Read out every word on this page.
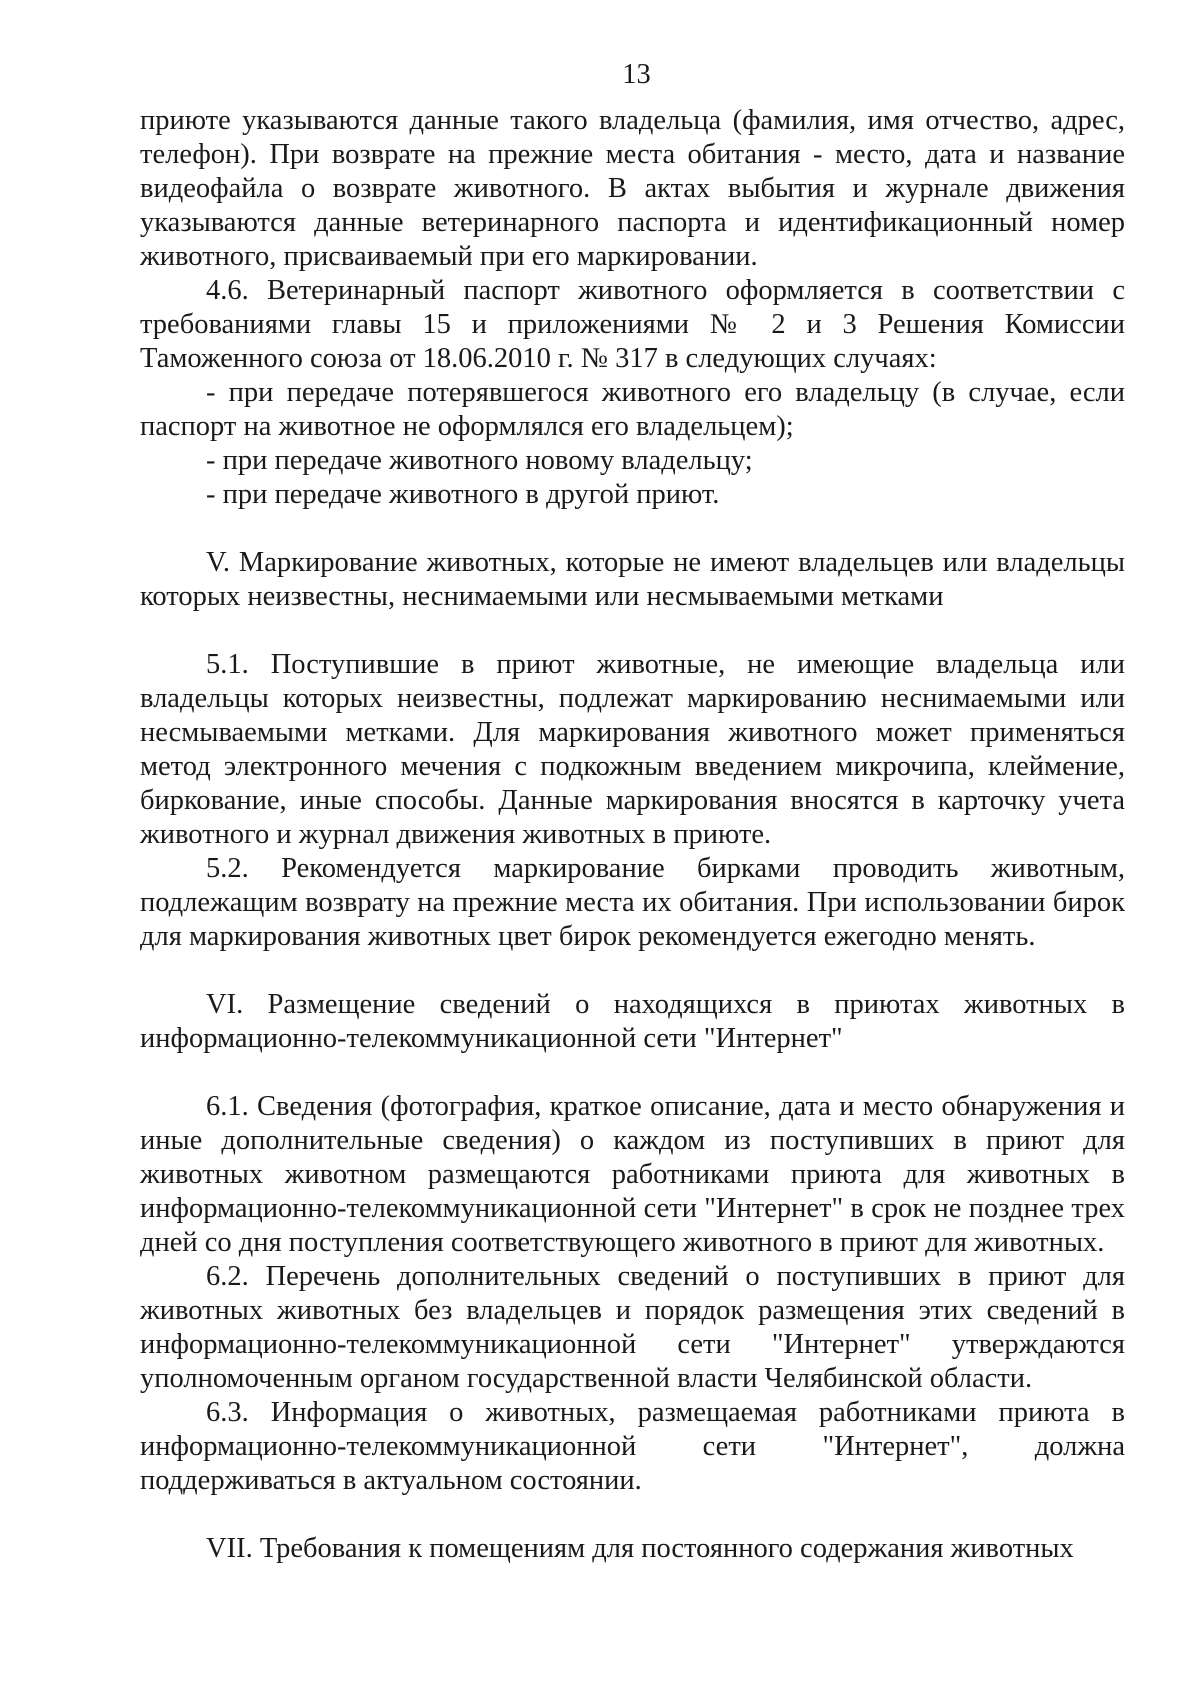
13

приюте указываются данные такого владельца (фамилия, имя отчество, адрес, телефон). При возврате на прежние места обитания - место, дата и название видеофайла о возврате животного. В актах выбытия и журнале движения указываются данные ветеринарного паспорта и идентификационный номер животного, присваиваемый при его маркировании.

4.6. Ветеринарный паспорт животного оформляется в соответствии с требованиями главы 15 и приложениями № 2 и 3 Решения Комиссии Таможенного союза от 18.06.2010 г. № 317 в следующих случаях:

- при передаче потерявшегося животного его владельцу (в случае, если паспорт на животное не оформлялся его владельцем);

- при передаче животного новому владельцу;

- при передаче животного в другой приют.

V. Маркирование животных, которые не имеют владельцев или владельцы которых неизвестны, неснимаемыми или несмываемыми метками

5.1. Поступившие в приют животные, не имеющие владельца или владельцы которых неизвестны, подлежат маркированию неснимаемыми или несмываемыми метками. Для маркирования животного может применяться метод электронного мечения с подкожным введением микрочипа, клеймение, биркование, иные способы. Данные маркирования вносятся в карточку учета животного и журнал движения животных в приюте.

5.2. Рекомендуется маркирование бирками проводить животным, подлежащим возврату на прежние места их обитания. При использовании бирок для маркирования животных цвет бирок рекомендуется ежегодно менять.

VI. Размещение сведений о находящихся в приютах животных в информационно-телекоммуникационной сети "Интернет"

6.1. Сведения (фотография, краткое описание, дата и место обнаружения и иные дополнительные сведения) о каждом из поступивших в приют для животных животном размещаются работниками приюта для животных в информационно-телекоммуникационной сети "Интернет" в срок не позднее трех дней со дня поступления соответствующего животного в приют для животных.

6.2. Перечень дополнительных сведений о поступивших в приют для животных животных без владельцев и порядок размещения этих сведений в информационно-телекоммуникационной сети "Интернет" утверждаются уполномоченным органом государственной власти Челябинской области.

6.3. Информация о животных, размещаемая работниками приюта в информационно-телекоммуникационной сети "Интернет", должна поддерживаться в актуальном состоянии.

VII. Требования к помещениям для постоянного содержания животных
